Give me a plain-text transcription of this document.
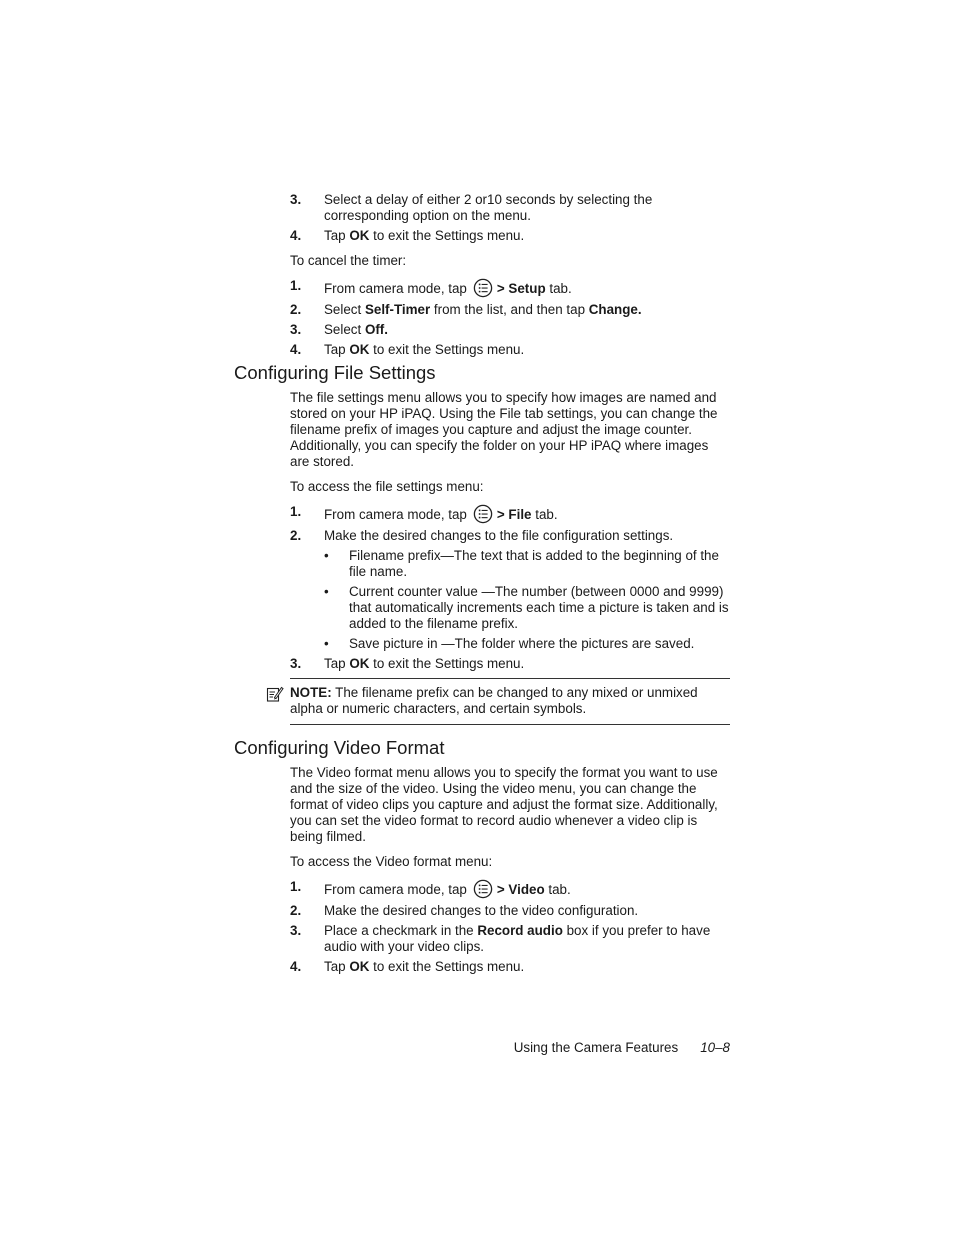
3.	Select a delay of either 2 or10 seconds by selecting the corresponding option on the menu.
4.	Tap OK to exit the Settings menu.
To cancel the timer:
1.	From camera mode, tap > Setup tab.
2.	Select Self-Timer from the list, and then tap Change.
3.	Select Off.
4.	Tap OK to exit the Settings menu.
Configuring File Settings
The file settings menu allows you to specify how images are named and stored on your HP iPAQ. Using the File tab settings, you can change the filename prefix of images you capture and adjust the image counter. Additionally, you can specify the folder on your HP iPAQ where images are stored.
To access the file settings menu:
1.	From camera mode, tap > File tab.
2.	Make the desired changes to the file configuration settings.
•	Filename prefix—The text that is added to the beginning of the file name.
•	Current counter value —The number (between 0000 and 9999) that automatically increments each time a picture is taken and is added to the filename prefix.
•	Save picture in —The folder where the pictures are saved.
3.	Tap OK to exit the Settings menu.
NOTE: The filename prefix can be changed to any mixed or unmixed alpha or numeric characters, and certain symbols.
Configuring Video Format
The Video format menu allows you to specify the format you want to use and the size of the video. Using the video menu, you can change the format of video clips you capture and adjust the format size. Additionally, you can set the video format to record audio whenever a video clip is being filmed.
To access the Video format menu:
1.	From camera mode, tap > Video tab.
2.	Make the desired changes to the video configuration.
3.	Place a checkmark in the Record audio box if you prefer to have audio with your video clips.
4.	Tap OK to exit the Settings menu.
Using the Camera Features 10–8
